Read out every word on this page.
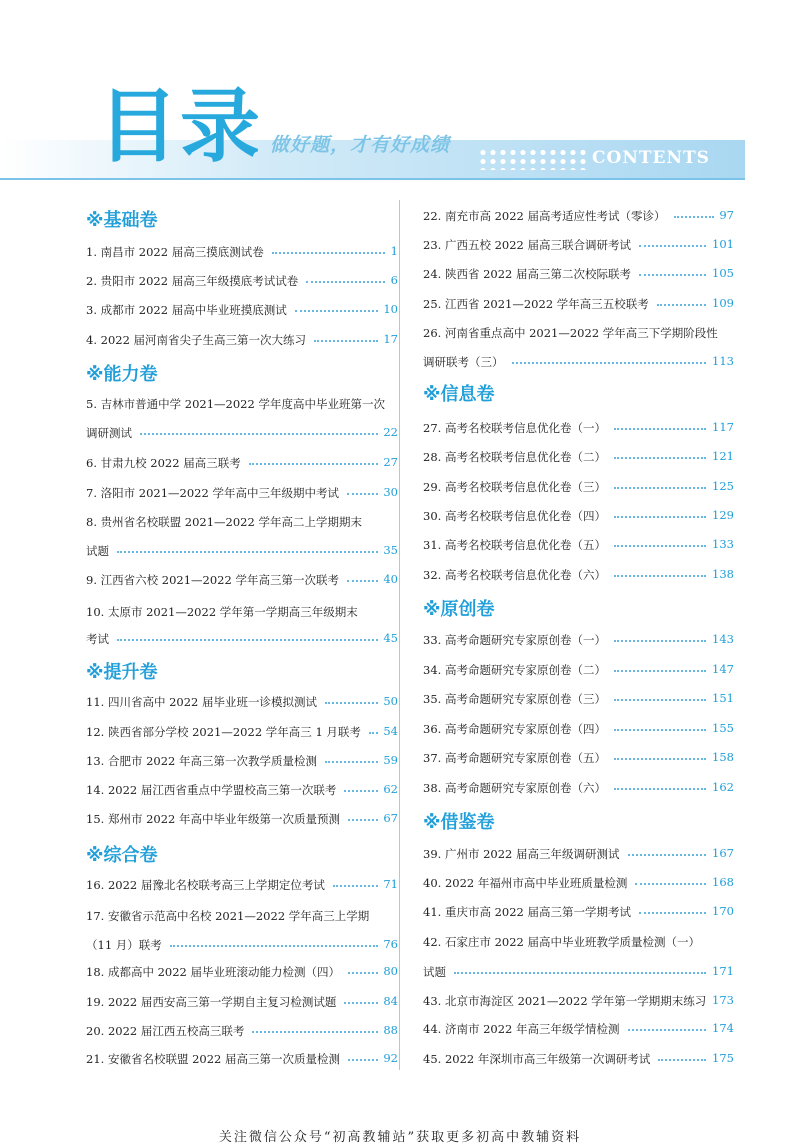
目录 做好题，才有好成绩
CONTENTS
※基础卷
※能力卷
※提升卷
※综合卷
※信息卷
※原创卷
※借鉴卷
1. 南昌市 2022 届高三摸底测试卷	1
2. 贵阳市 2022 届高三年级摸底考试试卷	6
3. 成都市 2022 届高中毕业班摸底测试	10
4. 2022 届河南省尖子生高三第一次大练习	17
5. 吉林市普通中学 2021—2022 学年度高中毕业班第一次
调研测试	22
6. 甘肃九校 2022 届高三联考	27
7. 洛阳市 2021—2022 学年高中三年级期中考试	30
8. 贵州省名校联盟 2021—2022 学年高二上学期期末
试题	35
9. 江西省六校 2021—2022 学年高三第一次联考	40
10. 太原市 2021—2022 学年第一学期高三年级期末
考试	45
11. 四川省高中 2022 届毕业班一诊模拟测试	50
12. 陕西省部分学校 2021—2022 学年高三 1 月联考	54
13. 合肥市 2022 年高三第一次教学质量检测	59
14. 2022 届江西省重点中学盟校高三第一次联考	62
15. 郑州市 2022 年高中毕业年级第一次质量预测	67
16. 2022 届豫北名校联考高三上学期定位考试	71
17. 安徽省示范高中名校 2021—2022 学年高三上学期
（11 月）联考	76
18. 成都高中 2022 届毕业班滚动能力检测（四）	80
19. 2022 届西安高三第一学期自主复习检测试题	84
20. 2022 届江西五校高三联考	88
21. 安徽省名校联盟 2022 届高三第一次质量检测	92
22. 南充市高 2022 届高考适应性考试（零诊）	97
23. 广西五校 2022 届高三联合调研考试	101
24. 陕西省 2022 届高三第二次校际联考	105
25. 江西省 2021—2022 学年高三五校联考	109
26. 河南省重点高中 2021—2022 学年高三下学期阶段性
调研联考（三）	113
27. 高考名校联考信息优化卷（一）	117
28. 高考名校联考信息优化卷（二）	121
29. 高考名校联考信息优化卷（三）	125
30. 高考名校联考信息优化卷（四）	129
31. 高考名校联考信息优化卷（五）	133
32. 高考名校联考信息优化卷（六）	138
33. 高考命题研究专家原创卷（一）	143
34. 高考命题研究专家原创卷（二）	147
35. 高考命题研究专家原创卷（三）	151
36. 高考命题研究专家原创卷（四）	155
37. 高考命题研究专家原创卷（五）	158
38. 高考命题研究专家原创卷（六）	162
39. 广州市 2022 届高三年级调研测试	167
40. 2022 年福州市高中毕业班质量检测	168
41. 重庆市高 2022 届高三第一学期考试	170
42. 石家庄市 2022 届高中毕业班教学质量检测（一）
试题	171
43. 北京市海淀区 2021—2022 学年第一学期期末练习 173
44. 济南市 2022 年高三年级学情检测	174
45. 2022 年深圳市高三年级第一次调研考试	175
关注微信公众号“初高教辅站”获取更多初高中教辅资料
